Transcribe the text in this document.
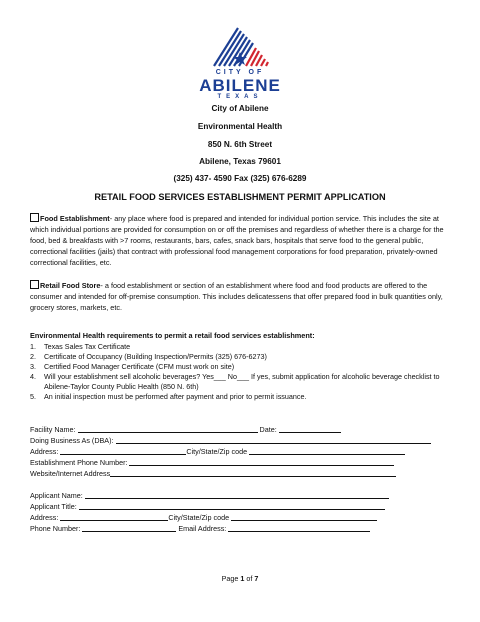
CITY OF
ABILENE
TEXAS
City of Abilene
Environmental Health
850 N. 6th Street
Abilene, Texas 79601
(325) 437- 4590 Fax (325) 676-6289
RETAIL FOOD SERVICES ESTABLISHMENT PERMIT APPLICATION
Food Establishment- any place where food is prepared and intended for individual portion service. This includes the site at which individual portions are provided for consumption on or off the premises and regardless of whether there is a charge for the food, bed & breakfasts with >7 rooms, restaurants, bars, cafes, snack bars, hospitals that serve food to the general public, correctional facilities (jails) that contract with professional food management corporations for food preparation, privately-owned correctional facilities, etc.
Retail Food Store- a food establishment or section of an establishment where food and food products are offered to the consumer and intended for off-premise consumption. This includes delicatessens that offer prepared food in bulk quantities only, grocery stores, markets, etc.
Environmental Health requirements to permit a retail food services establishment:
1. Texas Sales Tax Certificate
2. Certificate of Occupancy (Building Inspection/Permits (325) 676-6273)
3. Certified Food Manager Certificate (CFM must work on site)
4. Will your establishment sell alcoholic beverages? Yes___ No___ If yes, submit application for alcoholic beverage checklist to Abilene-Taylor County Public Health (850 N. 6th)
5. An initial inspection must be performed after payment and prior to permit issuance.
Facility Name:	Date:
Doing Business As (DBA):
Address:	City/State/Zip code
Establishment Phone Number:
Website/Internet Address
Applicant Name:
Applicant Title:
Address:	City/State/Zip code
Phone Number:	Email Address:
Page 1 of 7
